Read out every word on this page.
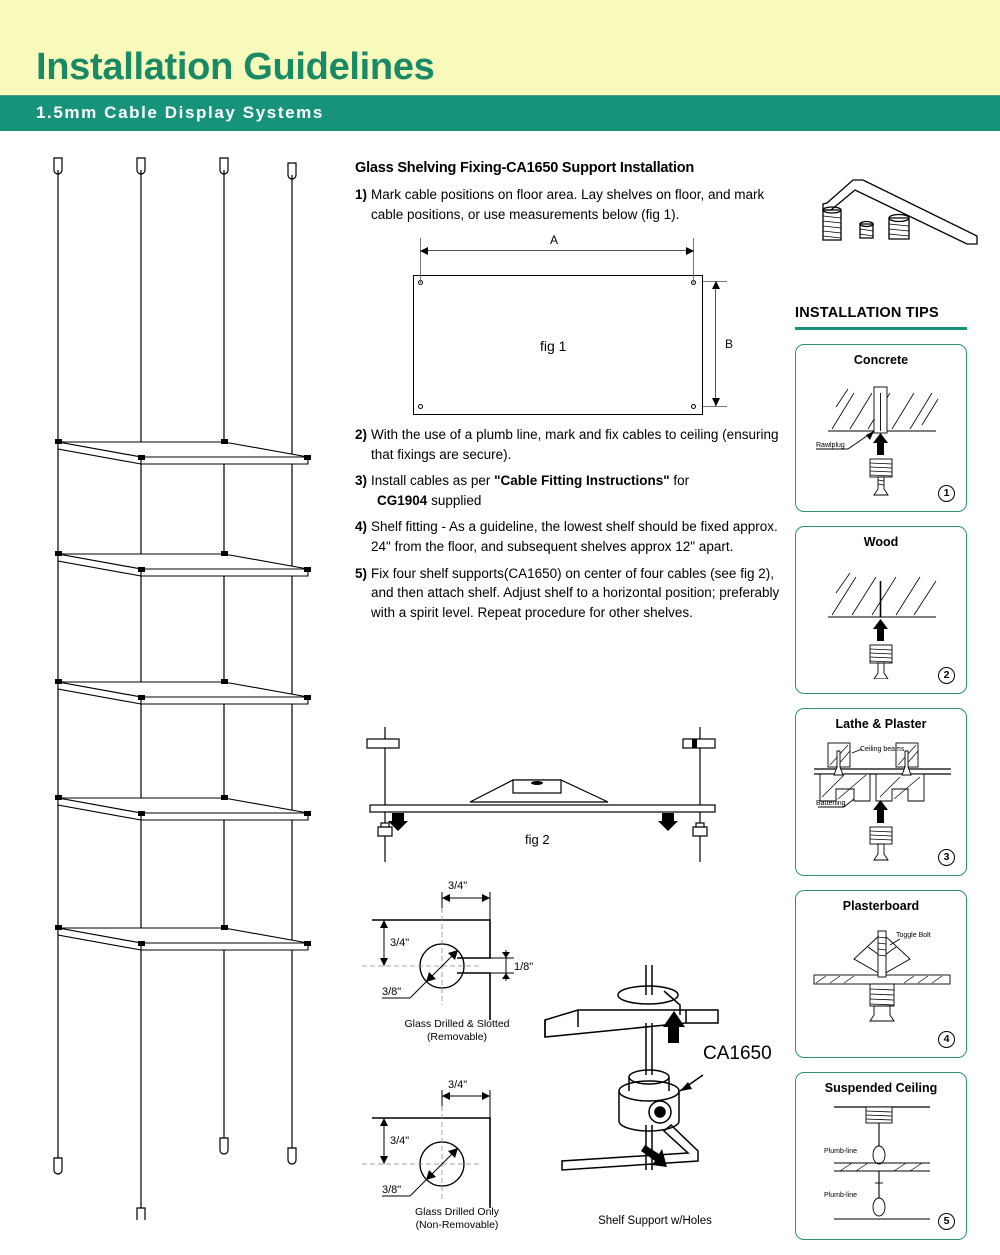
Installation Guidelines
1.5mm Cable Display Systems
Glass Shelving Fixing-CA1650 Support Installation
1) Mark cable positions on floor area. Lay shelves on floor, and mark cable positions, or use measurements below (fig 1).
A
B
fig 1
2) With the use of a plumb line, mark and fix cables to ceiling (ensuring that fixings are secure).
3) Install cables as per "Cable Fitting Instructions" for
CG1904 supplied
4) Shelf fitting - As a guideline, the lowest shelf should be fixed approx. 24" from the floor, and subsequent shelves approx 12" apart.
5) Fix four shelf supports(CA1650) on center of four cables (see fig 2), and then attach shelf. Adjust shelf to a horizontal position; preferably with a spirit level. Repeat procedure for other shelves.
fig 2
3/4"
3/4"
3/8"
1/8"
Glass Drilled & Slotted
(Removable)
3/4"
3/4"
3/8"
Glass Drilled Only
(Non-Removable)
CA1650
Shelf Support w/Holes
INSTALLATION TIPS
Concrete
Rawlplug
1
Wood
2
Lathe & Plaster
Ceiling beams
Battening
3
Plasterboard
Toggle Bolt
4
Suspended Ceiling
Plumb-line
Plumb-line
5
